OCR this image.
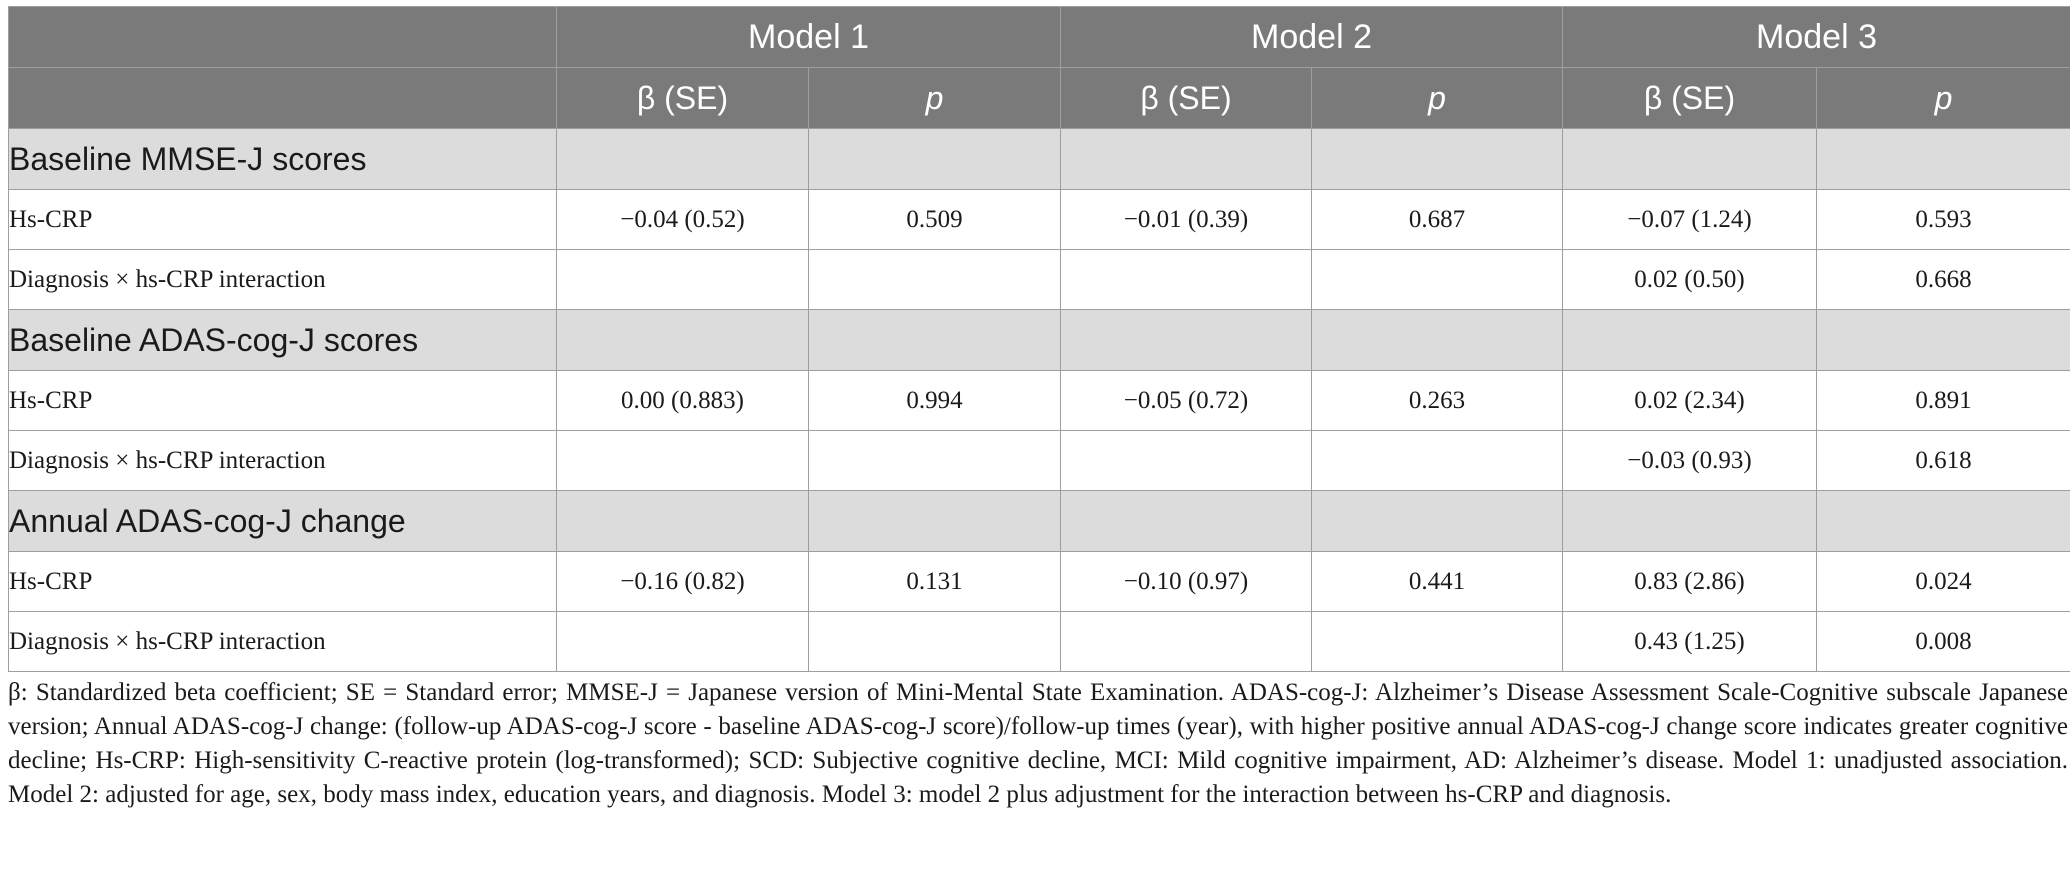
	Model 1		Model 2		Model 3	
	β (SE)	p	β (SE)	p	β (SE)	p
Baseline MMSE-J scores						
Hs-CRP	−0.04 (0.52)	0.509	−0.01 (0.39)	0.687	−0.07 (1.24)	0.593
Diagnosis × hs-CRP interaction					0.02 (0.50)	0.668
Baseline ADAS-cog-J scores						
Hs-CRP	0.00 (0.883)	0.994	−0.05 (0.72)	0.263	0.02 (2.34)	0.891
Diagnosis × hs-CRP interaction					−0.03 (0.93)	0.618
Annual ADAS-cog-J change						
Hs-CRP	−0.16 (0.82)	0.131	−0.10 (0.97)	0.441	0.83 (2.86)	0.024
Diagnosis × hs-CRP interaction					0.43 (1.25)	0.008
β: Standardized beta coefficient; SE = Standard error; MMSE-J = Japanese version of Mini-Mental State Examination. ADAS-cog-J: Alzheimer’s Disease Assessment Scale-Cognitive subscale Japanese version; Annual ADAS-cog-J change: (follow-up ADAS-cog-J score - baseline ADAS-cog-J score)/follow-up times (year), with higher positive annual ADAS-cog-J change score indicates greater cognitive decline; Hs-CRP: High-sensitivity C-reactive protein (log-transformed); SCD: Subjective cognitive decline, MCI: Mild cognitive impairment, AD: Alzheimer’s disease. Model 1: unadjusted association. Model 2: adjusted for age, sex, body mass index, education years, and diagnosis. Model 3: model 2 plus adjustment for the interaction between hs-CRP and diagnosis.
